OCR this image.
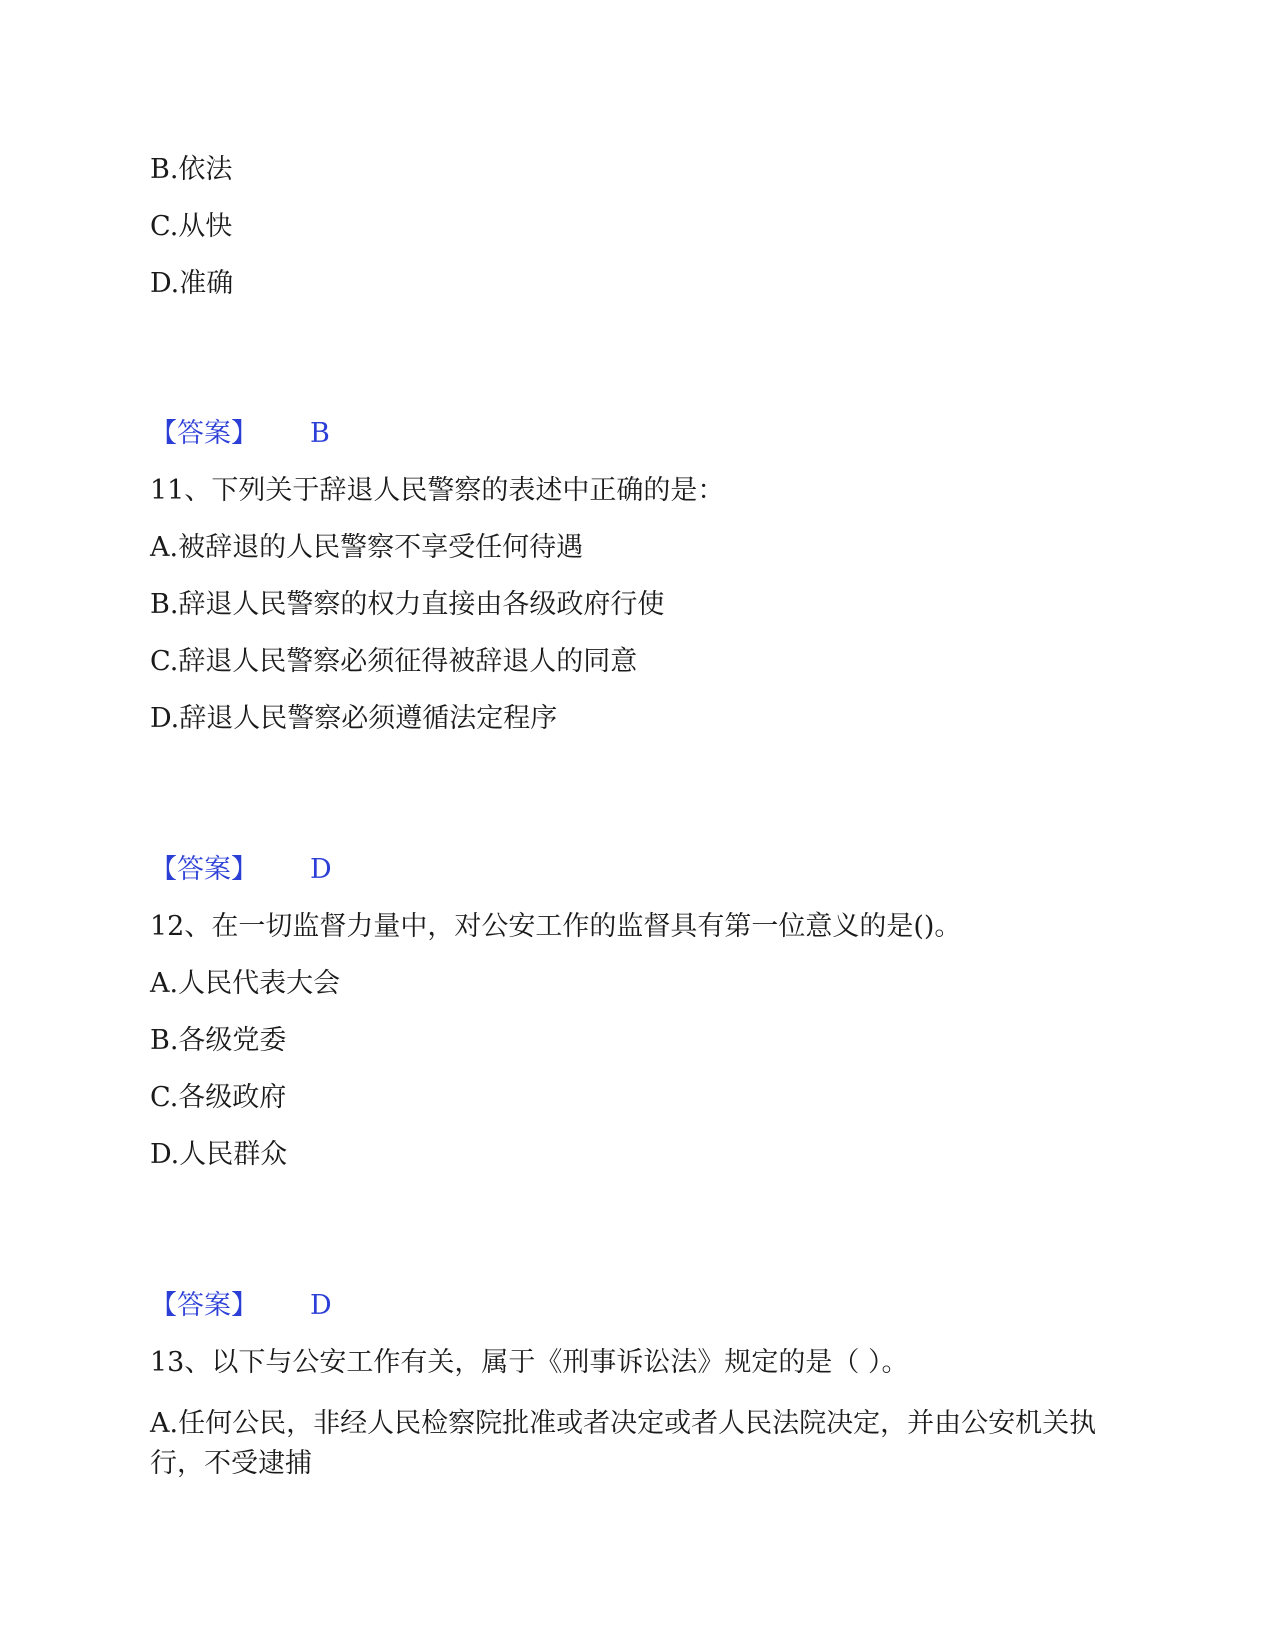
B.依法
C.从快
D.准确
【答案】 B
11、下列关于辞退人民警察的表述中正确的是：
A.被辞退的人民警察不享受任何待遇
B.辞退人民警察的权力直接由各级政府行使
C.辞退人民警察必须征得被辞退人的同意
D.辞退人民警察必须遵循法定程序
【答案】 D
12、在一切监督力量中，对公安工作的监督具有第一位意义的是()。
A.人民代表大会
B.各级党委
C.各级政府
D.人民群众
【答案】 D
13、以下与公安工作有关，属于《刑事诉讼法》规定的是（ ）。
A.任何公民，非经人民检察院批准或者决定或者人民法院决定，并由公安机关执行，不受逮捕
